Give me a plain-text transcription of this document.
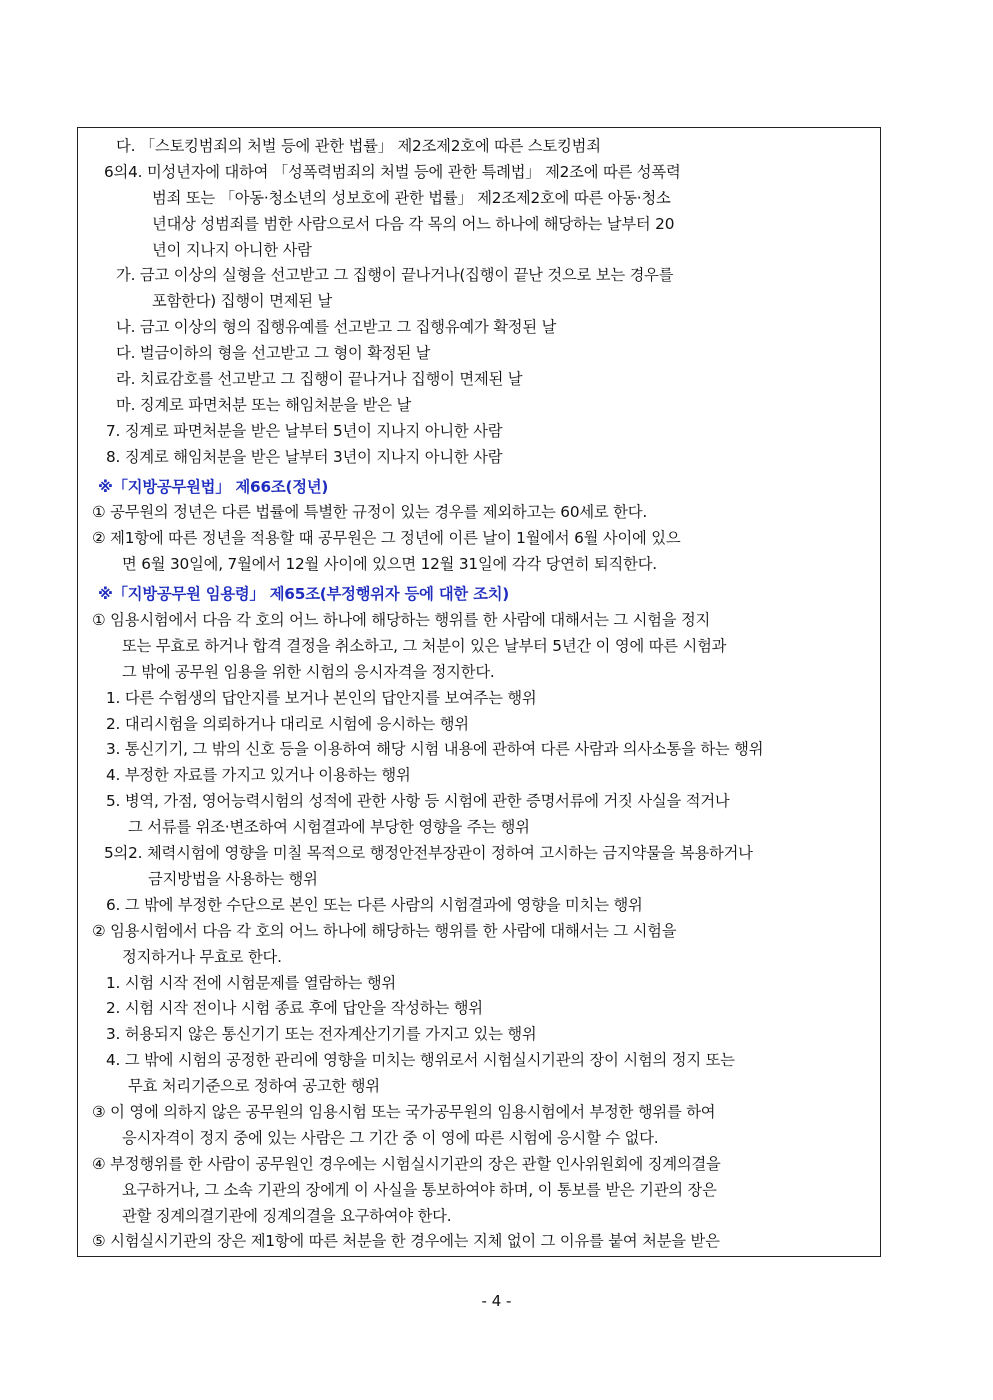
다. 「스토킹범죄의 처벌 등에 관한 법률」 제2조제2호에 따른 스토킹범죄
6의4. 미성년자에 대하여 「성폭력범죄의 처벌 등에 관한 특례법」 제2조에 따른 성폭력
범죄 또는 「아동·청소년의 성보호에 관한 법률」 제2조제2호에 따른 아동·청소
년대상 성범죄를 범한 사람으로서 다음 각 목의 어느 하나에 해당하는 날부터 20
년이 지나지 아니한 사람
가. 금고 이상의 실형을 선고받고 그 집행이 끝나거나(집행이 끝난 것으로 보는 경우를
포함한다) 집행이 면제된 날
나. 금고 이상의 형의 집행유예를 선고받고 그 집행유예가 확정된 날
다. 벌금이하의 형을 선고받고 그 형이 확정된 날
라. 치료감호를 선고받고 그 집행이 끝나거나 집행이 면제된 날
마. 징계로 파면처분 또는 해임처분을 받은 날
7. 징계로 파면처분을 받은 날부터 5년이 지나지 아니한 사람
8. 징계로 해임처분을 받은 날부터 3년이 지나지 아니한 사람
※「지방공무원법」 제66조(정년)
① 공무원의 정년은 다른 법률에 특별한 규정이 있는 경우를 제외하고는 60세로 한다.
② 제1항에 따른 정년을 적용할 때 공무원은 그 정년에 이른 날이 1월에서 6월 사이에 있으
면 6월 30일에, 7월에서 12월 사이에 있으면 12월 31일에 각각 당연히 퇴직한다.
※「지방공무원 임용령」 제65조(부정행위자 등에 대한 조치)
① 임용시험에서 다음 각 호의 어느 하나에 해당하는 행위를 한 사람에 대해서는 그 시험을 정지
또는 무효로 하거나 합격 결정을 취소하고, 그 처분이 있은 날부터 5년간 이 영에 따른 시험과
그 밖에 공무원 임용을 위한 시험의 응시자격을 정지한다.
1. 다른 수험생의 답안지를 보거나 본인의 답안지를 보여주는 행위
2. 대리시험을 의뢰하거나 대리로 시험에 응시하는 행위
3. 통신기기, 그 밖의 신호 등을 이용하여 해당 시험 내용에 관하여 다른 사람과 의사소통을 하는 행위
4. 부정한 자료를 가지고 있거나 이용하는 행위
5. 병역, 가점, 영어능력시험의 성적에 관한 사항 등 시험에 관한 증명서류에 거짓 사실을 적거나
그 서류를 위조·변조하여 시험결과에 부당한 영향을 주는 행위
5의2. 체력시험에 영향을 미칠 목적으로 행정안전부장관이 정하여 고시하는 금지약물을 복용하거나
금지방법을 사용하는 행위
6. 그 밖에 부정한 수단으로 본인 또는 다른 사람의 시험결과에 영향을 미치는 행위
② 임용시험에서 다음 각 호의 어느 하나에 해당하는 행위를 한 사람에 대해서는 그 시험을
정지하거나 무효로 한다.
1. 시험 시작 전에 시험문제를 열람하는 행위
2. 시험 시작 전이나 시험 종료 후에 답안을 작성하는 행위
3. 허용되지 않은 통신기기 또는 전자계산기기를 가지고 있는 행위
4. 그 밖에 시험의 공정한 관리에 영향을 미치는 행위로서 시험실시기관의 장이 시험의 정지 또는
무효 처리기준으로 정하여 공고한 행위
③ 이 영에 의하지 않은 공무원의 임용시험 또는 국가공무원의 임용시험에서 부정한 행위를 하여
응시자격이 정지 중에 있는 사람은 그 기간 중 이 영에 따른 시험에 응시할 수 없다.
④ 부정행위를 한 사람이 공무원인 경우에는 시험실시기관의 장은 관할 인사위원회에 징계의결을
요구하거나, 그 소속 기관의 장에게 이 사실을 통보하여야 하며, 이 통보를 받은 기관의 장은
관할 징계의결기관에 징계의결을 요구하여야 한다.
⑤ 시험실시기관의 장은 제1항에 따른 처분을 한 경우에는 지체 없이 그 이유를 붙여 처분을 받은
- 4 -
